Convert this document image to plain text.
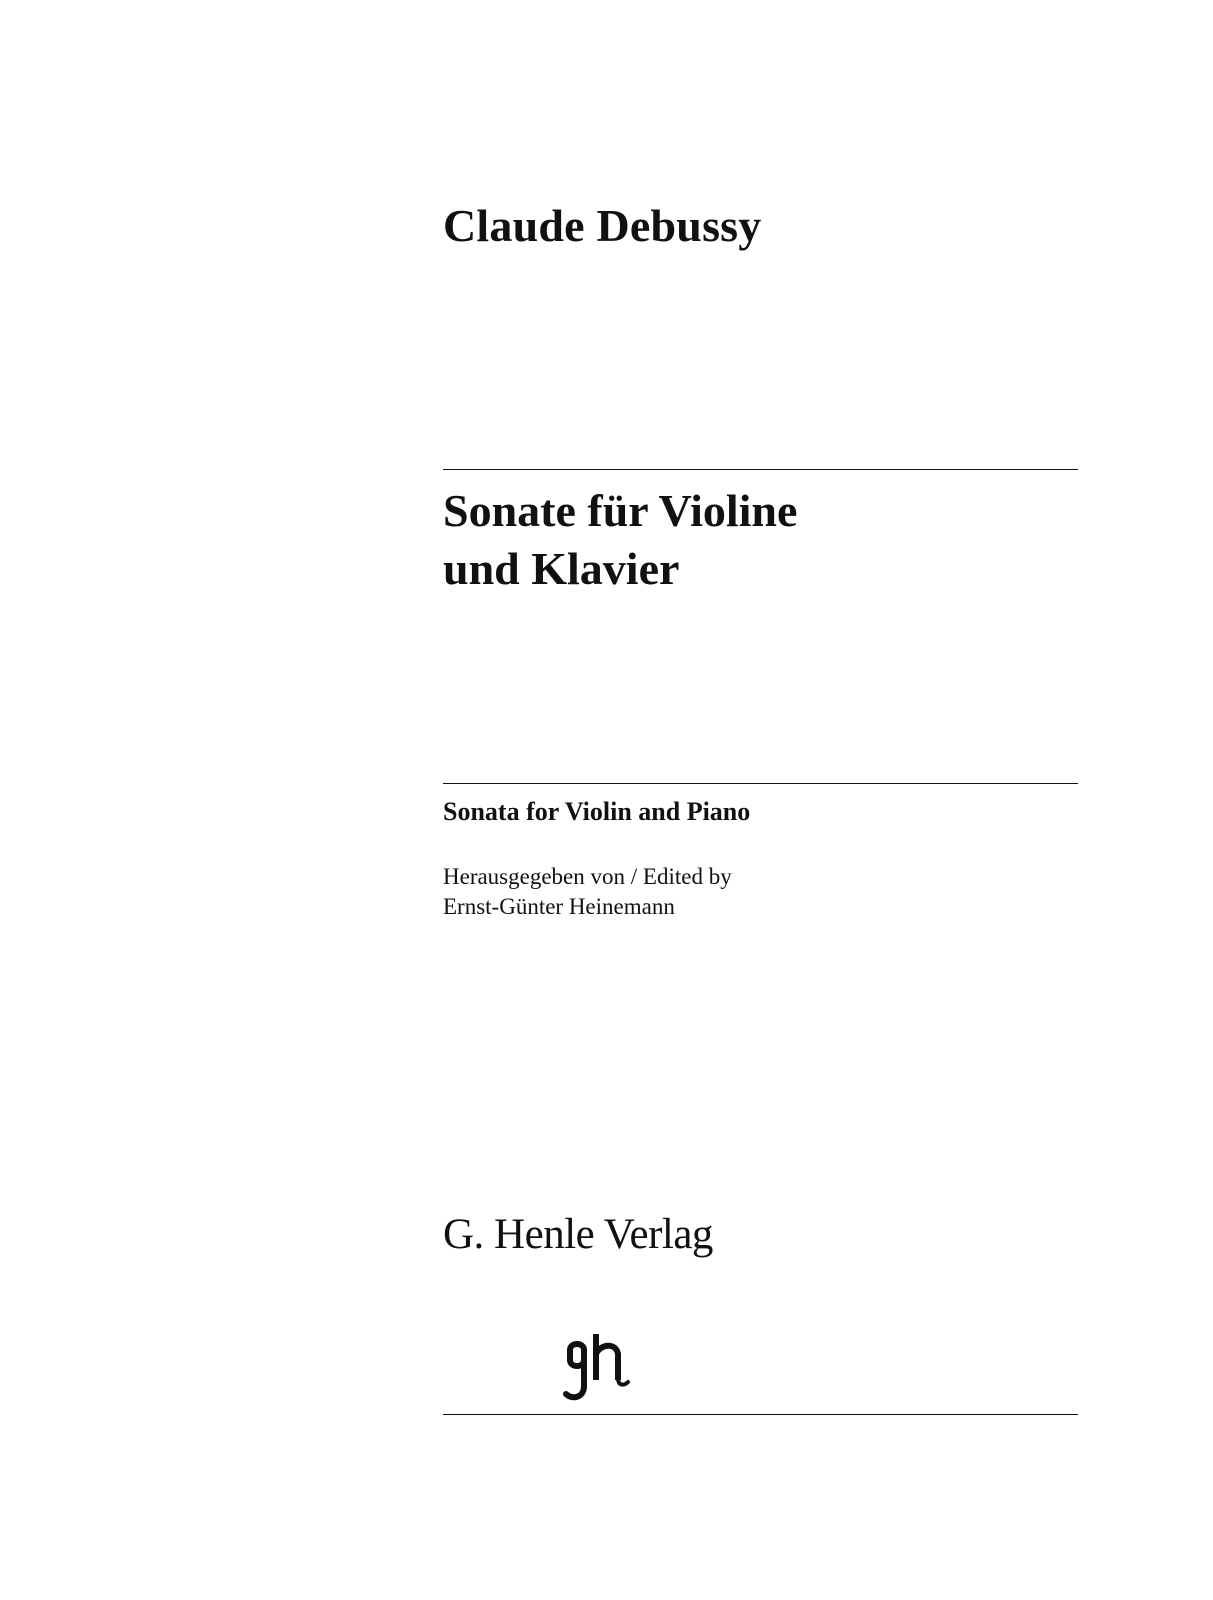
Claude Debussy
Sonate für Violine
und Klavier
Sonata for Violin and Piano
Herausgegeben von / Edited by
Ernst-Günter Heinemann
G. Henle Verlag
